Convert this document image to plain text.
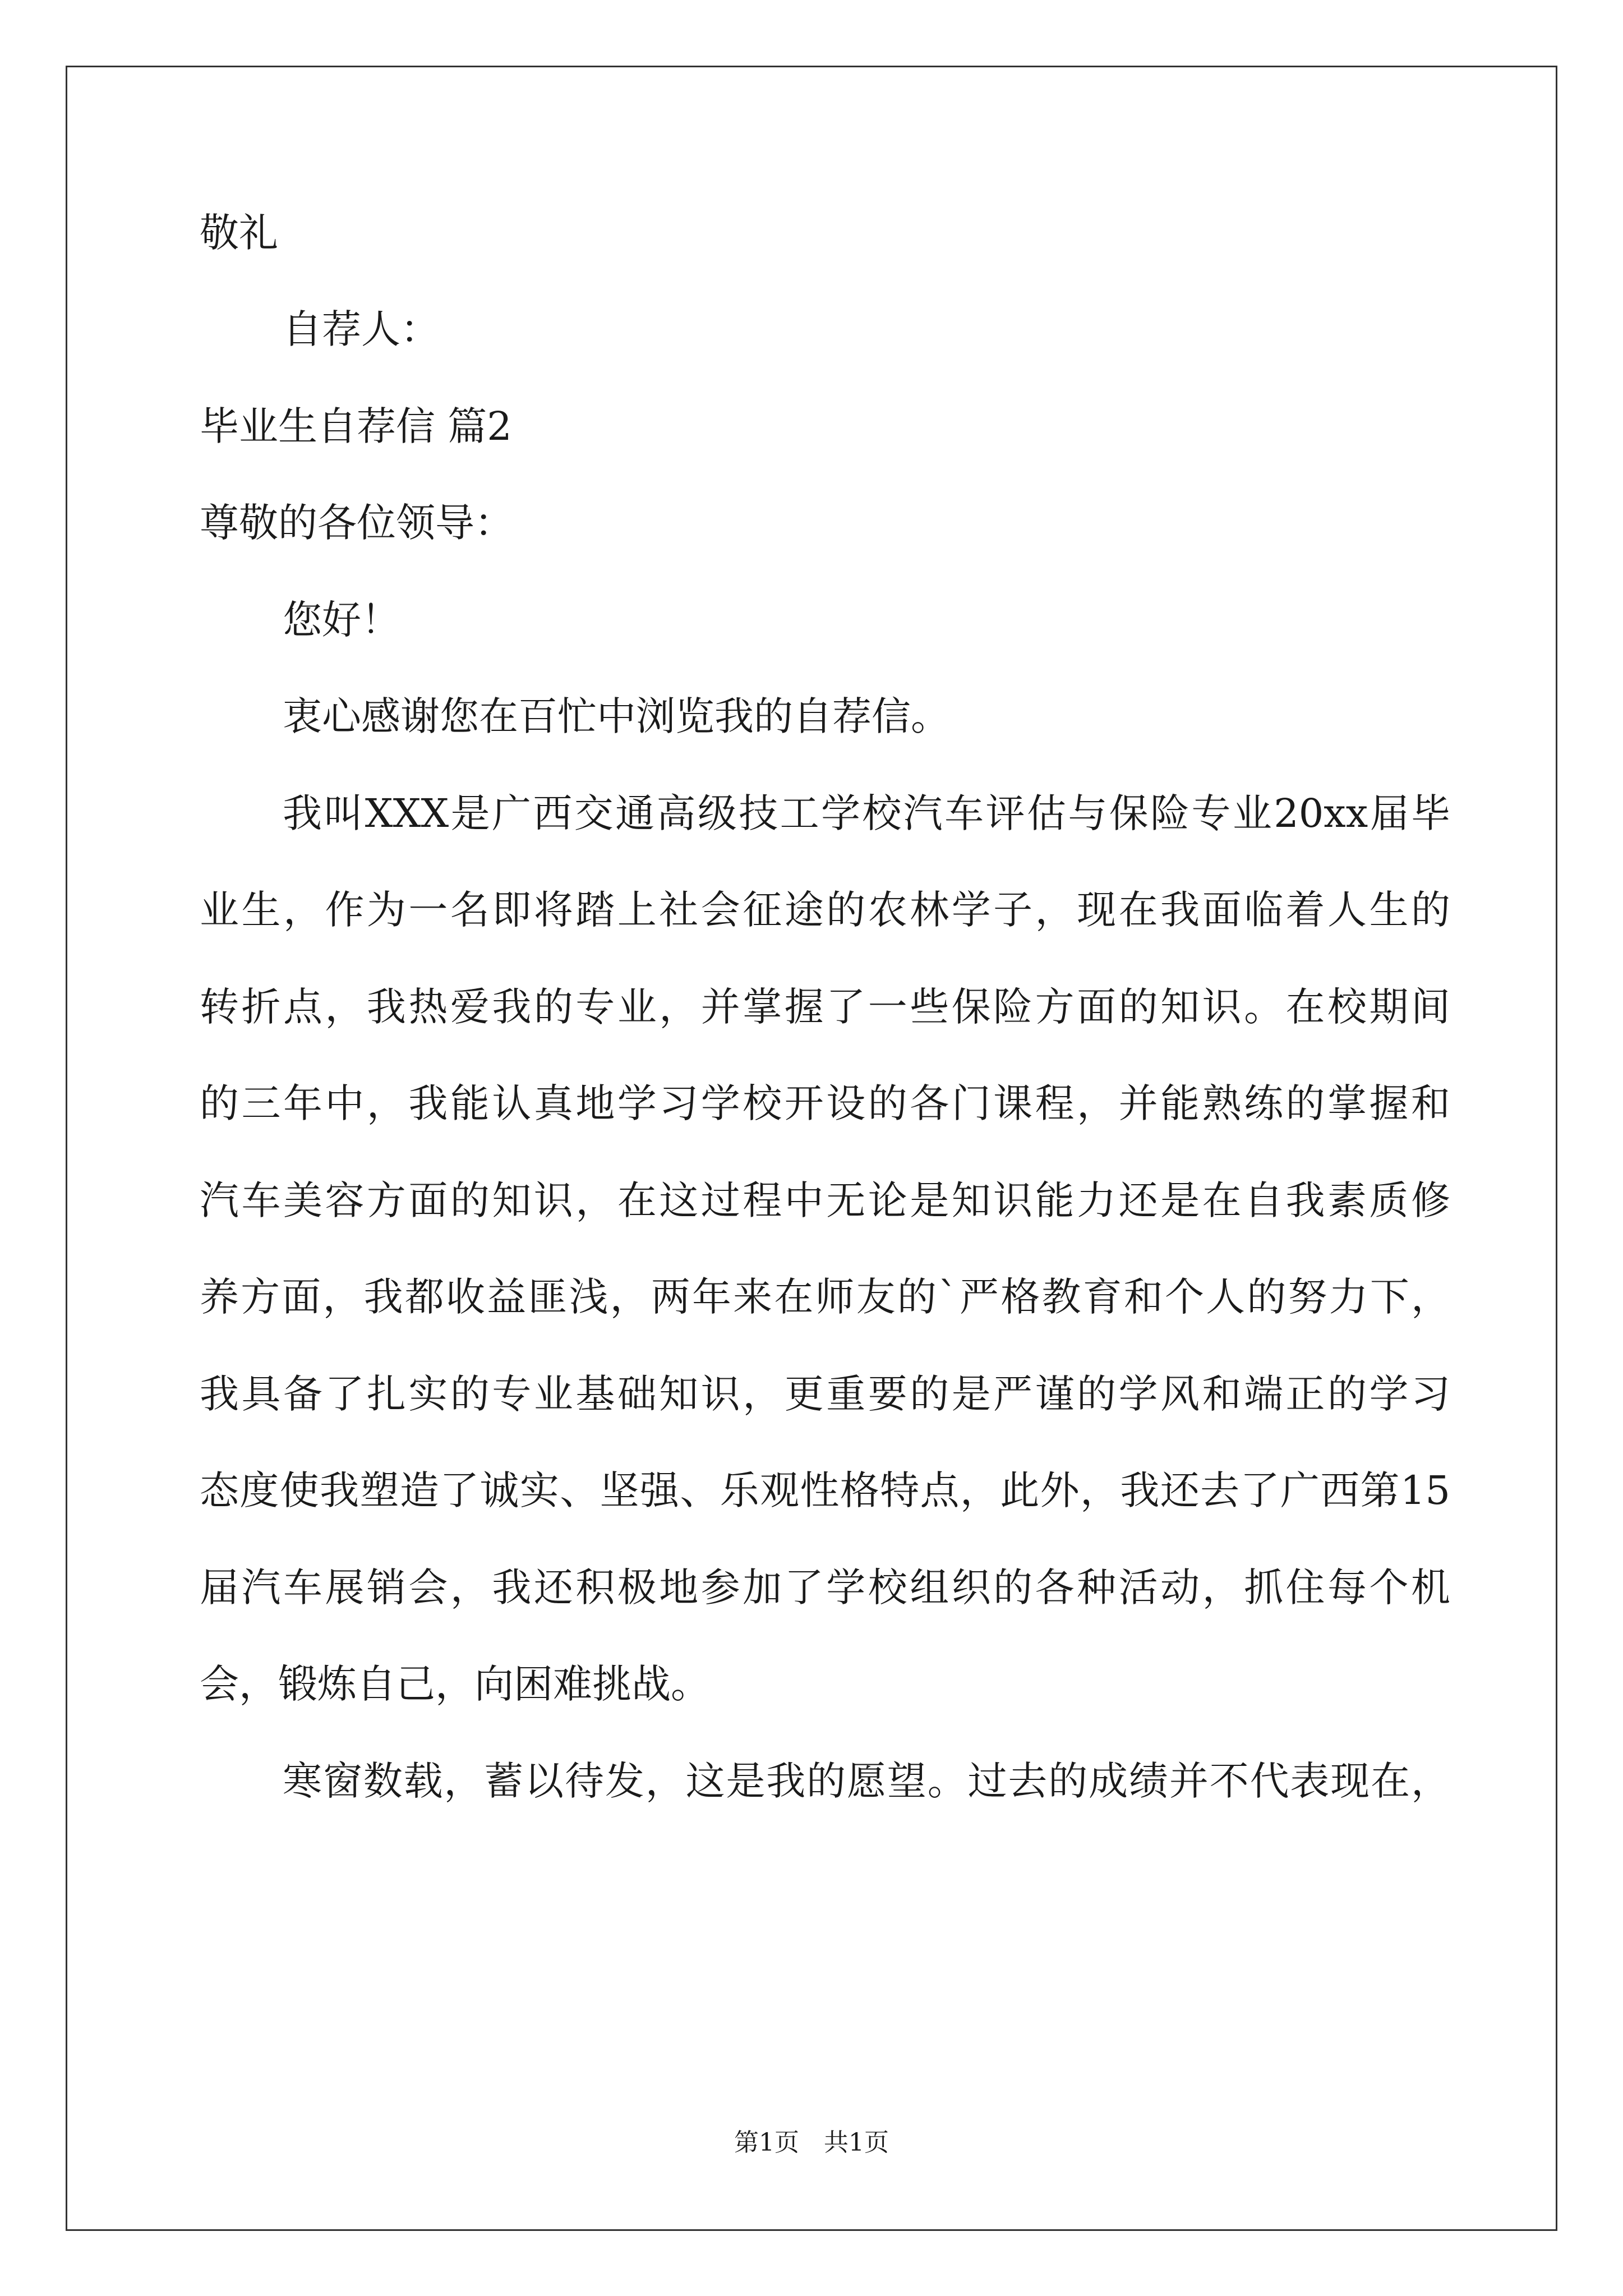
敬礼
自荐人：
毕业生自荐信 篇2
尊敬的各位领导：
您好！
衷心感谢您在百忙中浏览我的自荐信。
我叫XXX是广西交通高级技工学校汽车评估与保险专业20xx届毕
业生，作为一名即将踏上社会征途的农林学子，现在我面临着人生的
转折点，我热爱我的专业，并掌握了一些保险方面的知识。在校期间
的三年中，我能认真地学习学校开设的各门课程，并能熟练的掌握和
汽车美容方面的知识，在这过程中无论是知识能力还是在自我素质修
养方面，我都收益匪浅，两年来在师友的`严格教育和个人的努力下，
我具备了扎实的专业基础知识，更重要的是严谨的学风和端正的学习
态度使我塑造了诚实、坚强、乐观性格特点，此外，我还去了广西第15
届汽车展销会，我还积极地参加了学校组织的各种活动，抓住每个机
会，锻炼自己，向困难挑战。
寒窗数载，蓄以待发，这是我的愿望。过去的成绩并不代表现在，
第1页　共1页
